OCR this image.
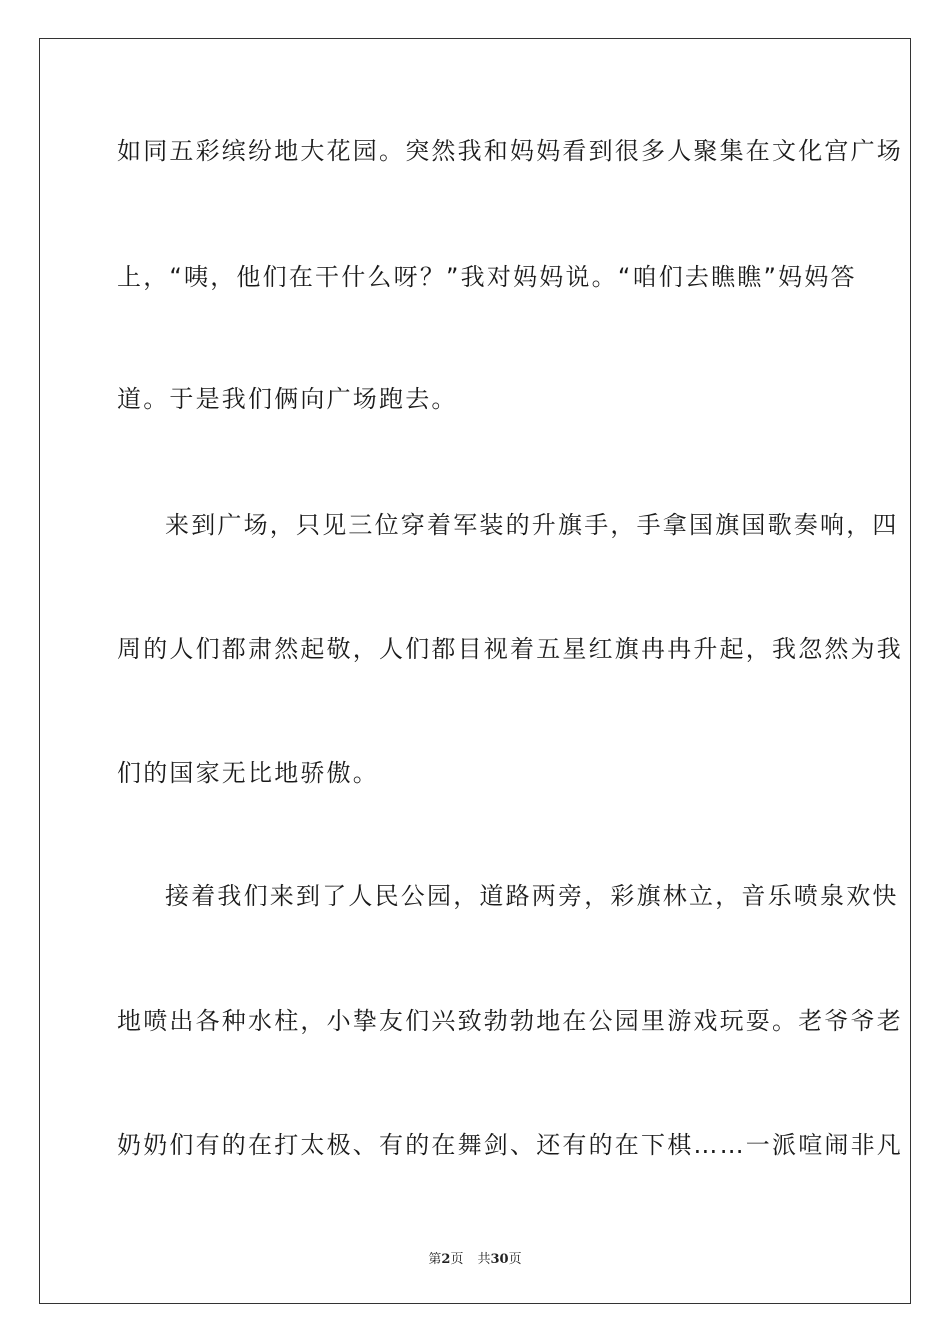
如同五彩缤纷地大花园。突然我和妈妈看到很多人聚集在文化宫广场
上，“咦，他们在干什么呀？”我对妈妈说。“咱们去瞧瞧”妈妈答
道。于是我们俩向广场跑去。
来到广场，只见三位穿着军装的升旗手，手拿国旗国歌奏响，四
周的人们都肃然起敬，人们都目视着五星红旗冉冉升起，我忽然为我
们的国家无比地骄傲。
接着我们来到了人民公园，道路两旁，彩旗林立，音乐喷泉欢快
地喷出各种水柱，小挚友们兴致勃勃地在公园里游戏玩耍。老爷爷老
奶奶们有的在打太极、有的在舞剑、还有的在下棋……一派喧闹非凡
第2页 共30页
